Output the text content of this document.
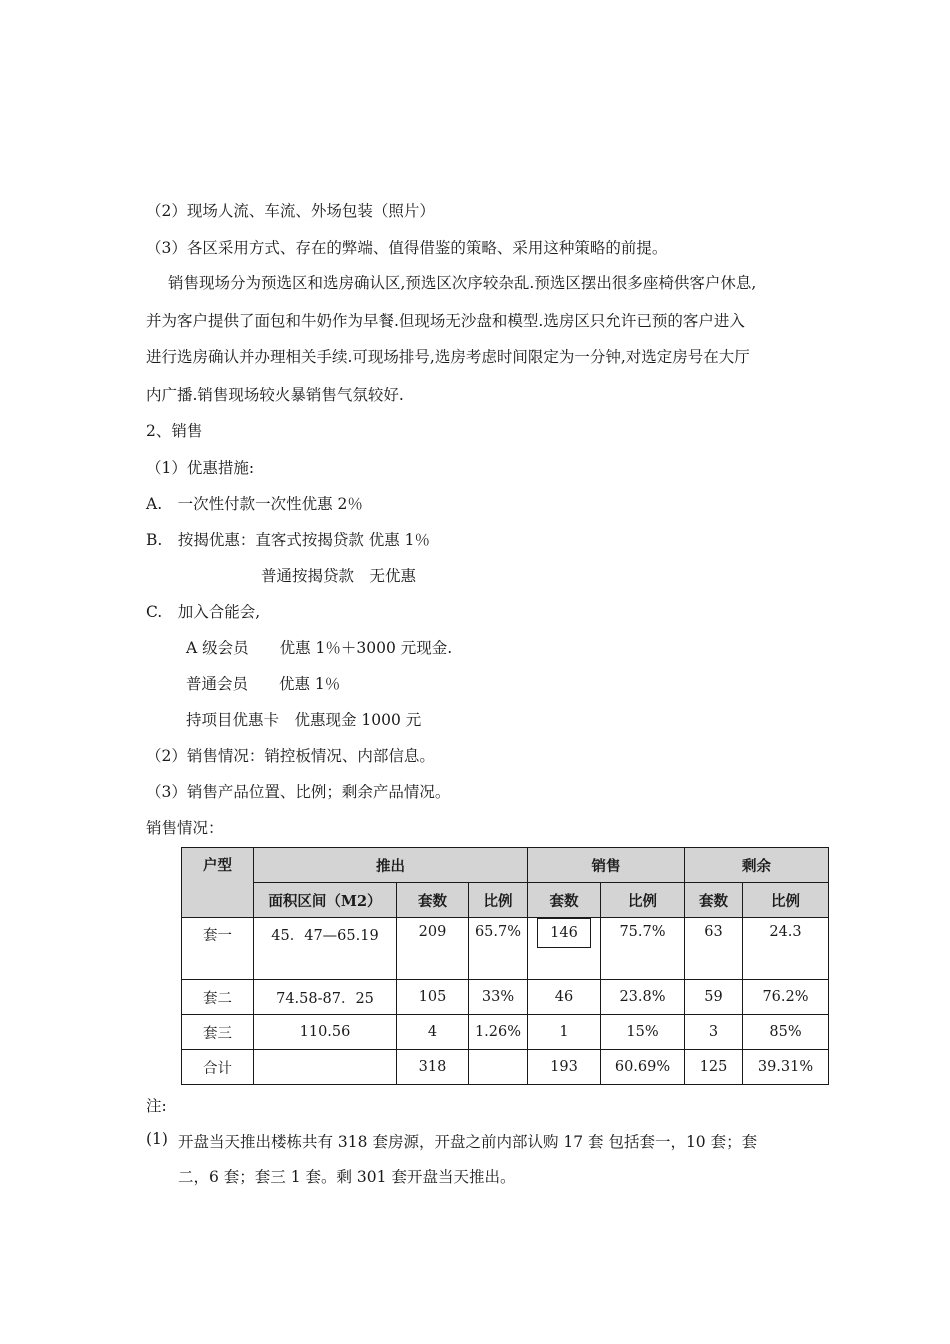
（2）现场人流、车流、外场包装（照片）
（3）各区采用方式、存在的弊端、值得借鉴的策略、采用这种策略的前提。
销售现场分为预选区和选房确认区,预选区次序较杂乱.预选区摆出很多座椅供客户休息,
并为客户提供了面包和牛奶作为早餐.但现场无沙盘和模型.选房区只允许已预的客户进入
进行选房确认并办理相关手续.可现场排号,选房考虑时间限定为一分钟,对选定房号在大厅
内广播.销售现场较火暴销售气氛较好.
2、销售
（1）优惠措施:
A.　一次性付款一次性优惠 2％
B.　按揭优惠：直客式按揭贷款 优惠 1％
普通按揭贷款　无优惠
C.　加入合能会,
A 级会员　　优惠 1％＋3000 元现金.
普通会员　　优惠 1％
持项目优惠卡　优惠现金 1000 元
（2）销售情况：销控板情况、内部信息。
（3）销售产品位置、比例；剩余产品情况。
销售情况：
户型	推出			销售		剩余	
	面积区间（M2）	套数	比例	套数	比例	套数	比例
套一	45．47—65.19	209	65.7%	146	75.7%	63	24.3
套二	74.58-87．25	105	33%	46	23.8%	59	76.2%
套三	110.56	4	1.26%	1	15%	3	85%
合计		318		193	60.69%	125	39.31%
注:
(1) 开盘当天推出楼栋共有 318 套房源，开盘之前内部认购 17 套 包括套一，10 套；套
二，6 套；套三 1 套。剩 301 套开盘当天推出。
